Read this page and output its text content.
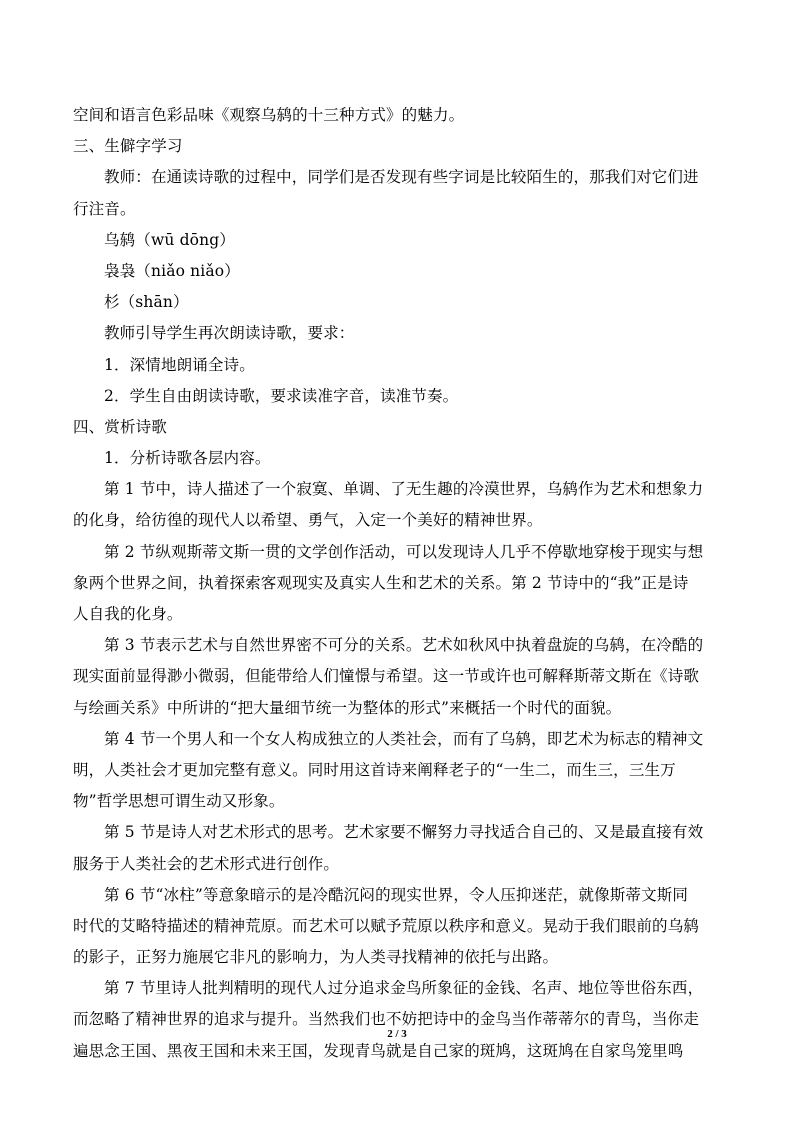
空间和语言色彩品味《观察乌鸫的十三种方式》的魅力。
三、生僻字学习
教师：在通读诗歌的过程中，同学们是否发现有些字词是比较陌生的，那我们对它们进
行注音。
乌鸫（wū dōng）
袅袅（niǎo niǎo）
杉（shān）
教师引导学生再次朗读诗歌，要求：
1．深情地朗诵全诗。
2．学生自由朗读诗歌，要求读准字音，读准节奏。
四、赏析诗歌
1．分析诗歌各层内容。
第 1 节中，诗人描述了一个寂寞、单调、了无生趣的冷漠世界，乌鸫作为艺术和想象力
的化身，给彷徨的现代人以希望、勇气，入定一个美好的精神世界。
第 2 节纵观斯蒂文斯一贯的文学创作活动，可以发现诗人几乎不停歇地穿梭于现实与想
象两个世界之间，执着探索客观现实及真实人生和艺术的关系。第 2 节诗中的“我”正是诗
人自我的化身。
第 3 节表示艺术与自然世界密不可分的关系。艺术如秋风中执着盘旋的乌鸫，在冷酷的
现实面前显得渺小微弱，但能带给人们憧憬与希望。这一节或许也可解释斯蒂文斯在《诗歌
与绘画关系》中所讲的“把大量细节统一为整体的形式”来概括一个时代的面貌。
第 4 节一个男人和一个女人构成独立的人类社会，而有了乌鸫，即艺术为标志的精神文
明，人类社会才更加完整有意义。同时用这首诗来阐释老子的“一生二，而生三，三生万
物”哲学思想可谓生动又形象。
第 5 节是诗人对艺术形式的思考。艺术家要不懈努力寻找适合自己的、又是最直接有效
服务于人类社会的艺术形式进行创作。
第 6 节“冰柱”等意象暗示的是冷酷沉闷的现实世界，令人压抑迷茫，就像斯蒂文斯同
时代的艾略特描述的精神荒原。而艺术可以赋予荒原以秩序和意义。晃动于我们眼前的乌鸫
的影子，正努力施展它非凡的影响力，为人类寻找精神的依托与出路。
第 7 节里诗人批判精明的现代人过分追求金鸟所象征的金钱、名声、地位等世俗东西，
而忽略了精神世界的追求与提升。当然我们也不妨把诗中的金鸟当作蒂蒂尔的青鸟，当你走
遍思念王国、黑夜王国和未来王国，发现青鸟就是自己家的斑鸠，这斑鸠在自家鸟笼里鸣
2 / 3
